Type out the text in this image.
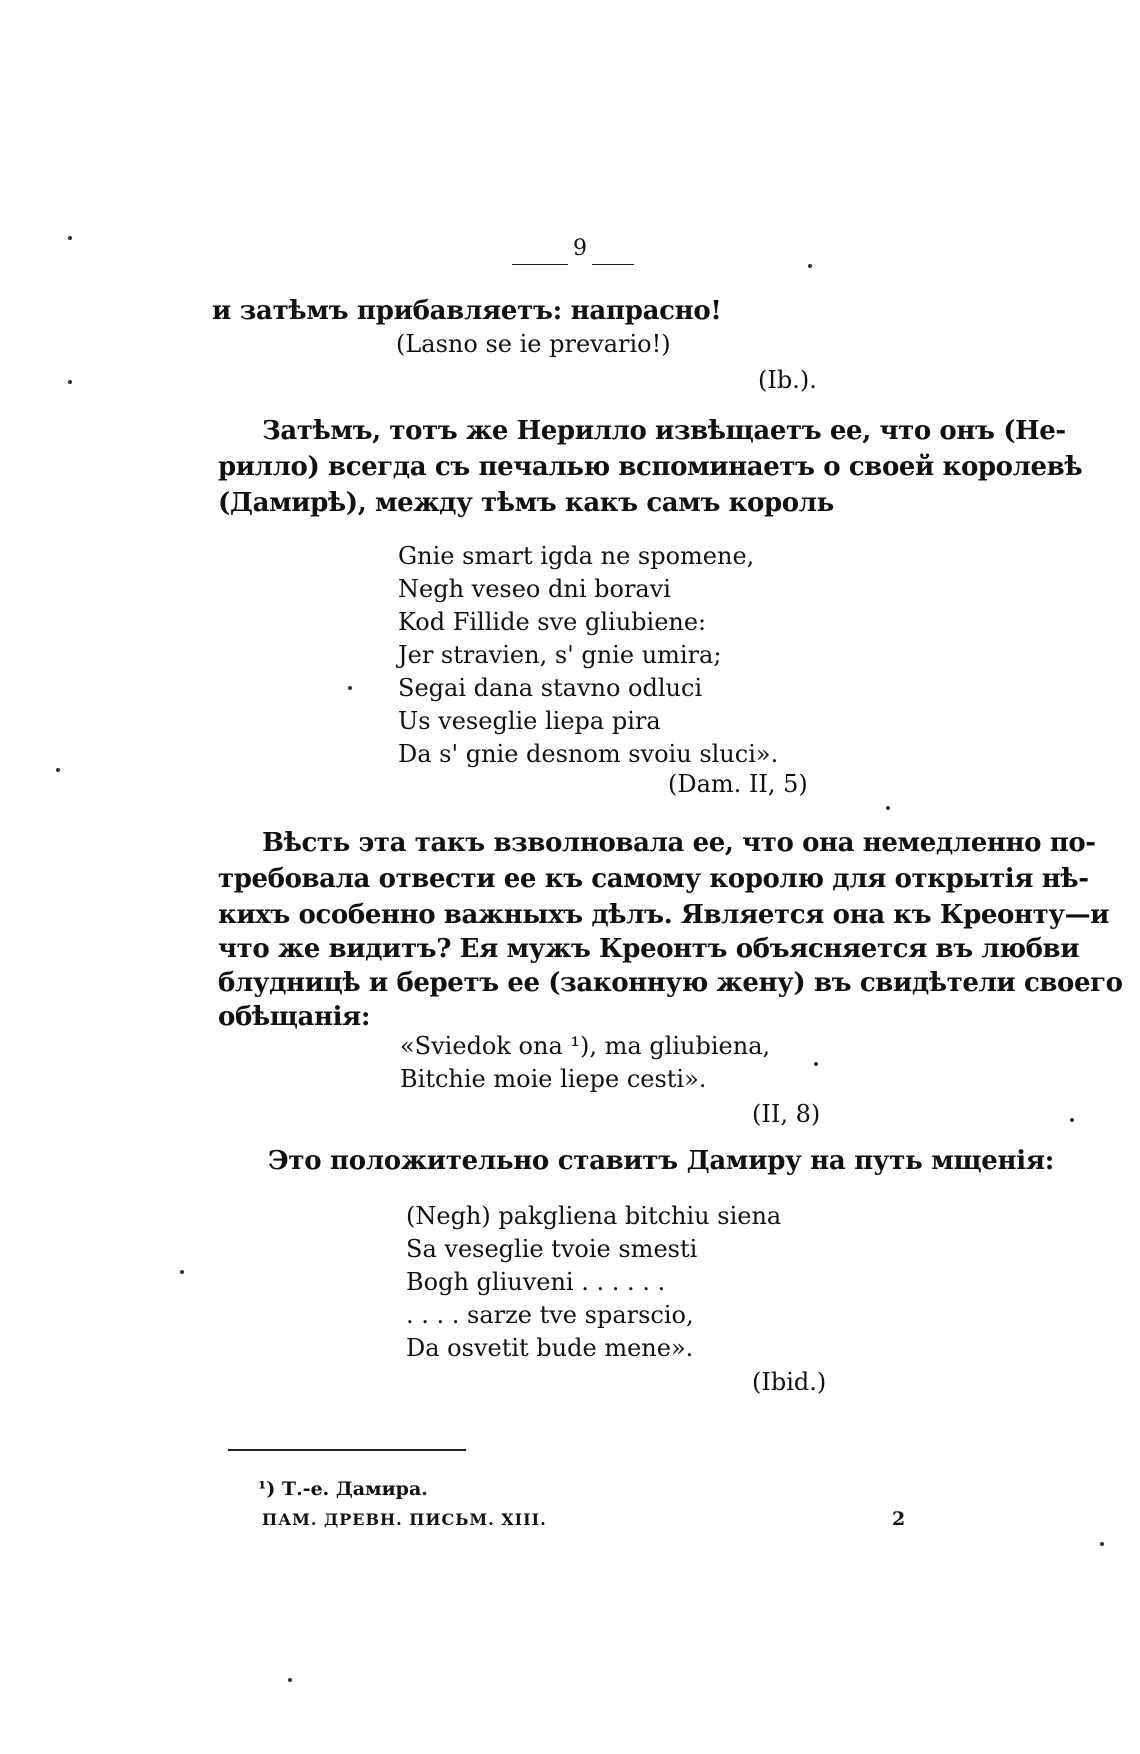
9
и затѣмъ прибавляетъ: напрасно!
(Lasno se ie prevario!)
(Ib.).
Затѣмъ, тотъ же Нерилло извѣщаетъ ее, что онъ (Не-
рилло) всегда съ печалью вспоминаетъ о своей королевѣ
(Дамирѣ), между тѣмъ какъ самъ король
Gnie smart igda ne spomene,
Negh veseo dni boravi
Kod Fillide sve gliubiene:
Jer stravien, s' gnie umira;
Segai dana stavno odluci
Us veseglie liepa pira
Da s' gnie desnom svoiu sluci».
(Dam. II, 5)
Вѣсть эта такъ взволновала ее, что она немедленно по-
требовала отвести ее къ самому королю для открытія нѣ-
кихъ особенно важныхъ дѣлъ. Является она къ Креонту—и
что же видитъ? Ея мужъ Креонтъ объясняется въ любви
блудницѣ и беретъ ее (законную жену) въ свидѣтели своего
обѣщанія:
«Sviedok ona ¹), ma gliubiena,
Bitchie moie liepe cesti».
(II, 8)
Это положительно ставитъ Дамиру на путь мщенія:
(Negh) pakgliena bitchiu siena
Sa veseglie tvoie smesti
Bogh gliuveni . . . . . .
. . . . sarze tve sparscio,
Da osvetit bude mene».
(Ibid.)
¹) Т.-е. Дамира.
ПАМ. ДРЕВН. ПИСЬМ. XIII.	2
